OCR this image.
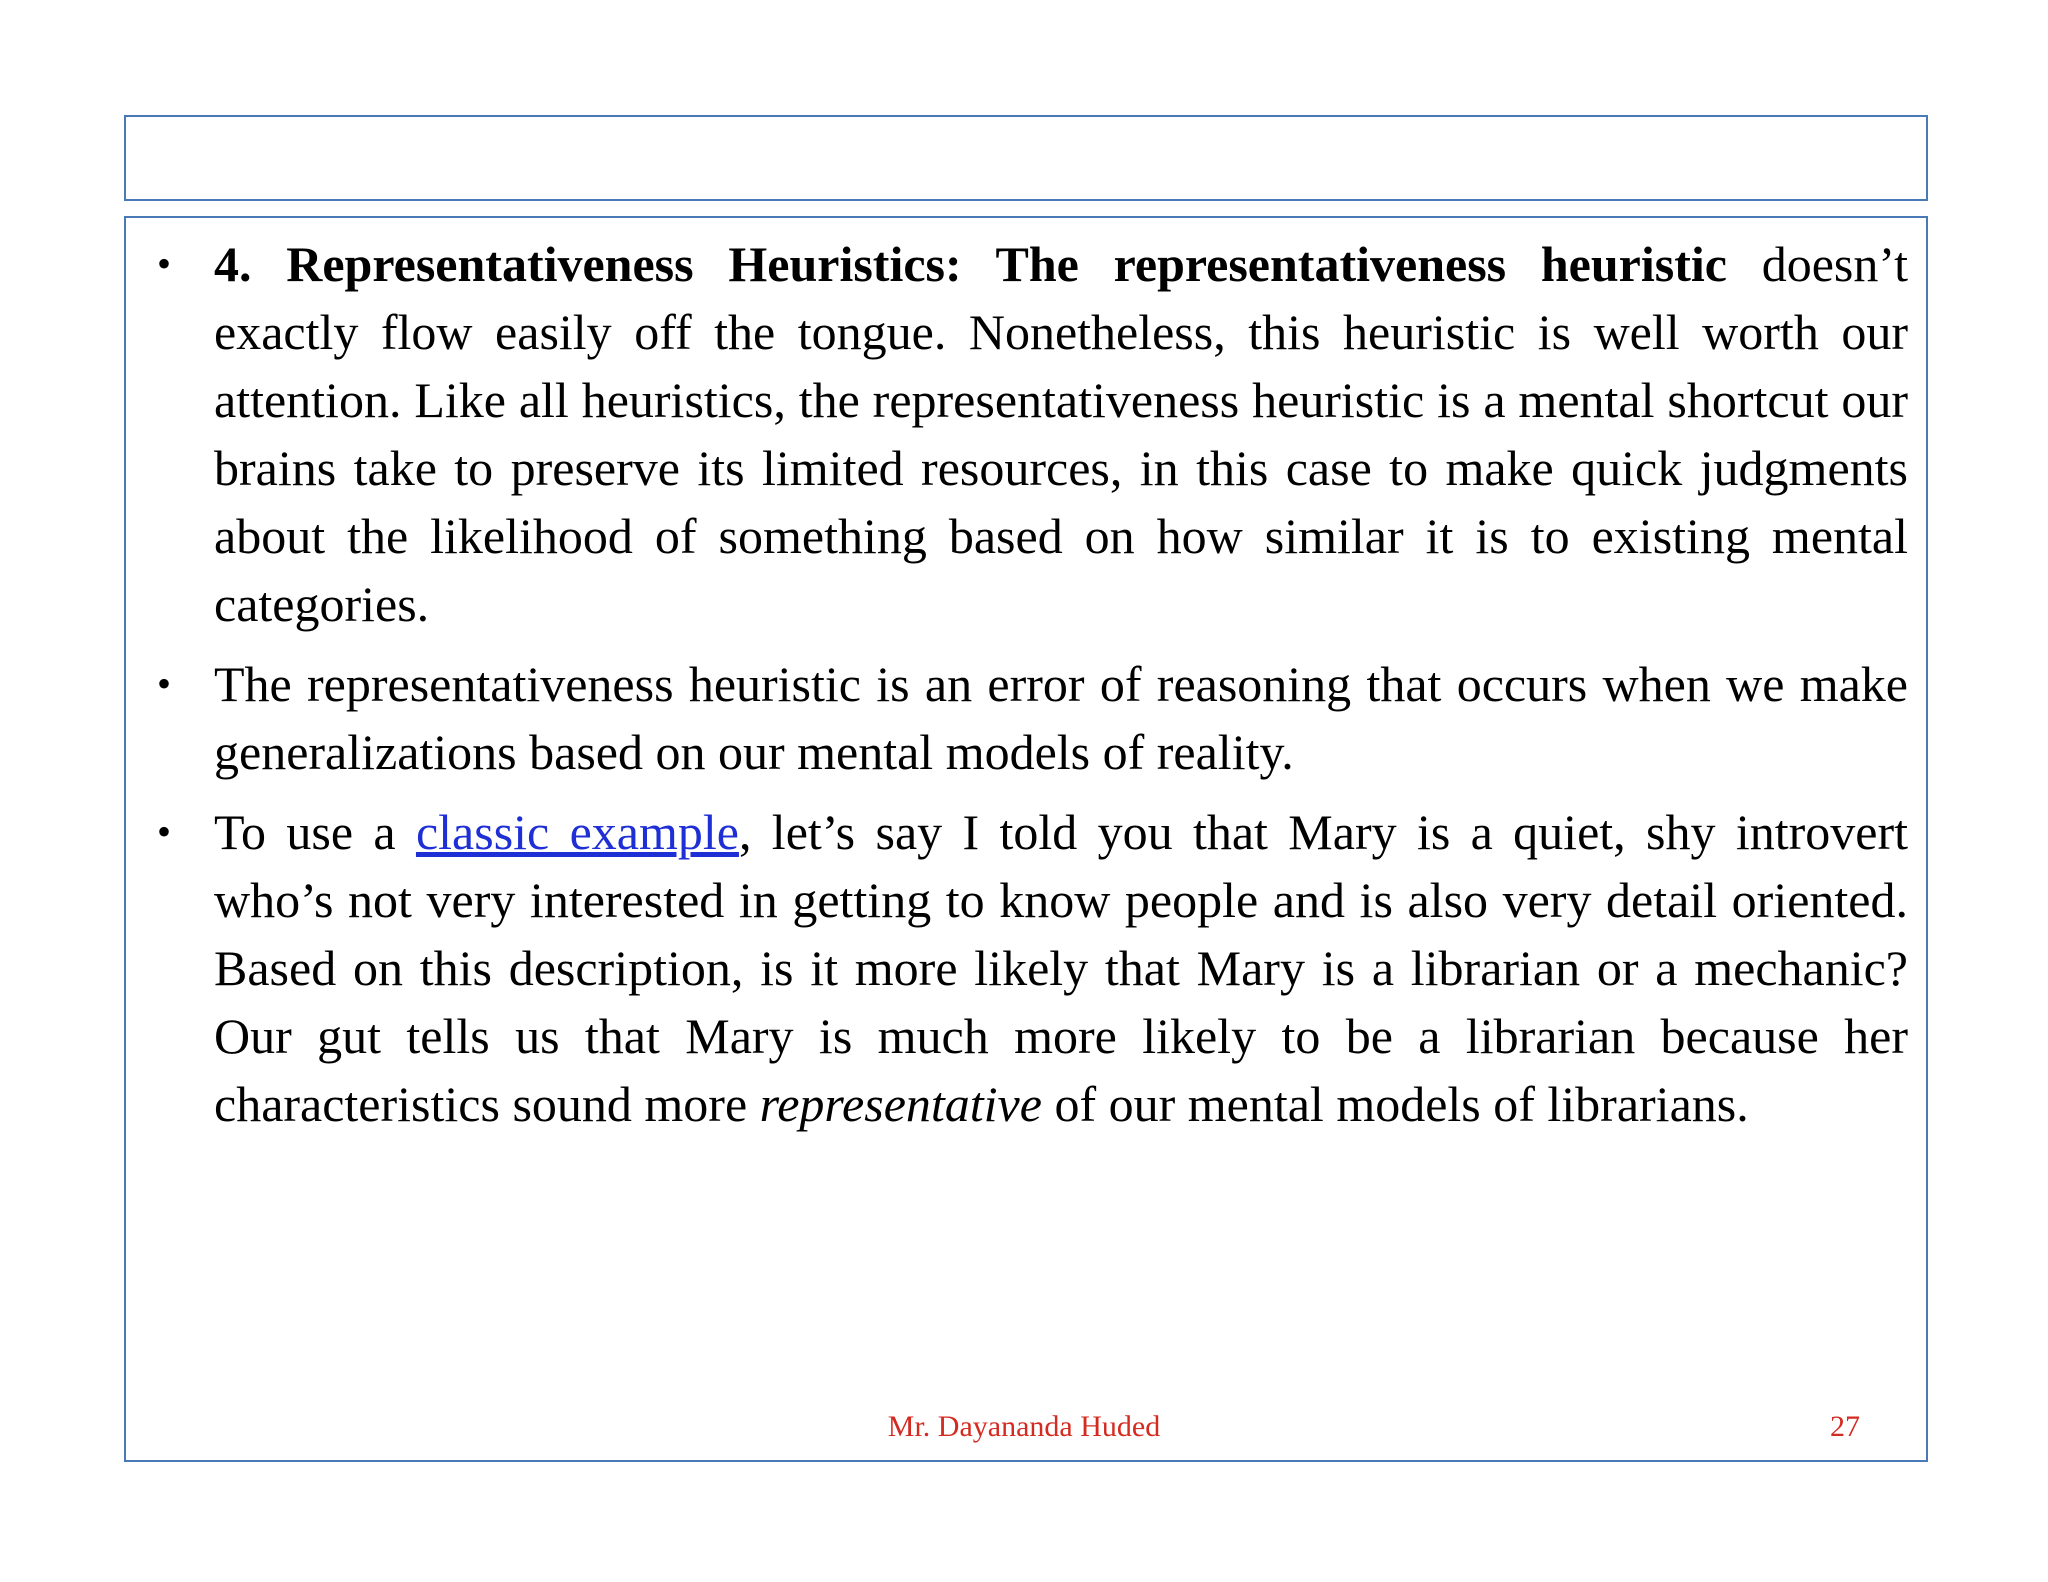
• 4. Representativeness Heuristics: The representativeness heuristic doesn’t exactly flow easily off the tongue. Nonetheless, this heuristic is well worth our attention. Like all heuristics, the representativeness heuristic is a mental shortcut our brains take to preserve its limited resources, in this case to make quick judgments about the likelihood of something based on how similar it is to existing mental categories.
• The representativeness heuristic is an error of reasoning that occurs when we make generalizations based on our mental models of reality.
• To use a classic example, let’s say I told you that Mary is a quiet, shy introvert who’s not very interested in getting to know people and is also very detail oriented. Based on this description, is it more likely that Mary is a librarian or a mechanic? Our gut tells us that Mary is much more likely to be a librarian because her characteristics sound more representative of our mental models of librarians.
Mr. Dayananda Huded	27
